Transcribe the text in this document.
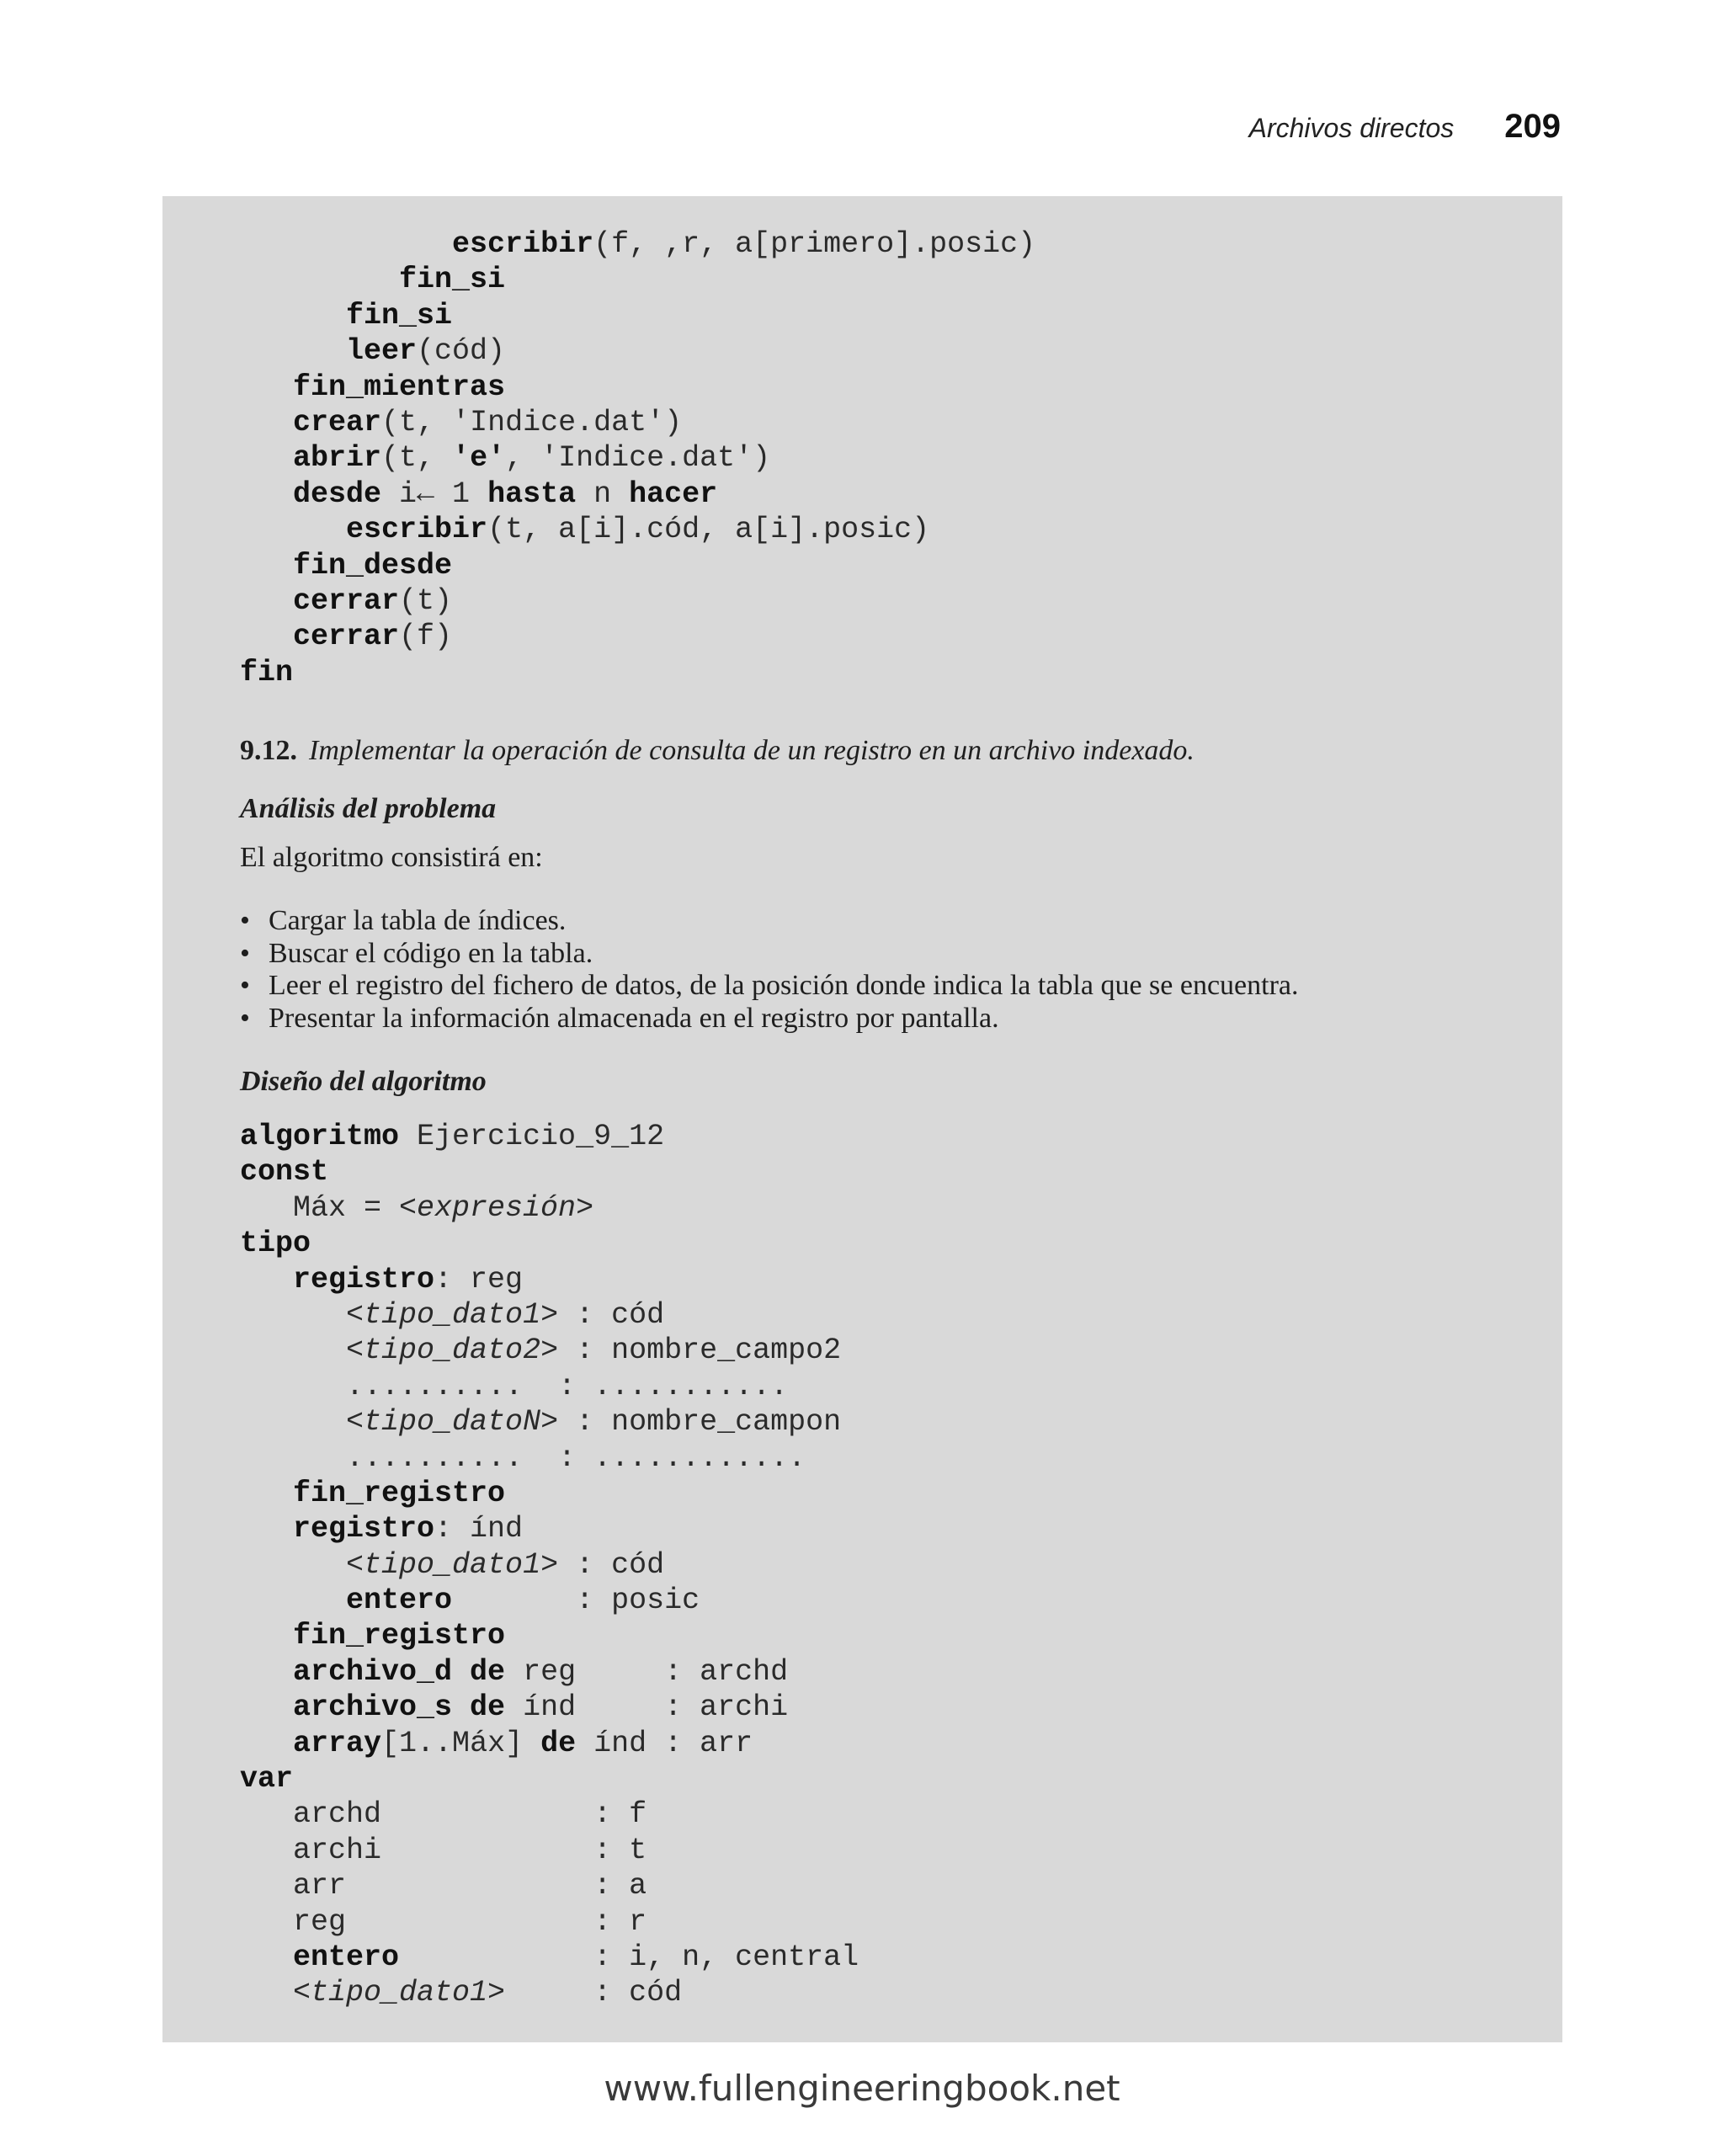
Archivos directos 209
escribir(f, ,r, a[primero].posic)
fin_si
fin_si
leer(cód)
fin_mientras
crear(t, 'Indice.dat')
abrir(t, 'e', 'Indice.dat')
desde i← 1 hasta n hacer
escribir(t, a[i].cód, a[i].posic)
fin_desde
cerrar(t)
cerrar(f)
fin
9.12. Implementar la operación de consulta de un registro en un archivo indexado.
Análisis del problema
El algoritmo consistirá en:
• Cargar la tabla de índices.
• Buscar el código en la tabla.
• Leer el registro del fichero de datos, de la posición donde indica la tabla que se encuentra.
• Presentar la información almacenada en el registro por pantalla.
Diseño del algoritmo
algoritmo Ejercicio_9_12
const
Máx = <expresión>
tipo
registro: reg
<tipo_dato1> : cód
<tipo_dato2> : nombre_campo2
..........  : ...........
<tipo_datoN> : nombre_campon
..........  : ............
fin_registro
registro: índ
<tipo_dato1> : cód
entero       : posic
fin_registro
archivo_d de reg     : archd
archivo_s de índ     : archi
array[1..Máx] de índ : arr
var
archd            : f
archi            : t
arr              : a
reg              : r
entero           : i, n, central
<tipo_dato1>     : cód
www.fullengineeringbook.net
